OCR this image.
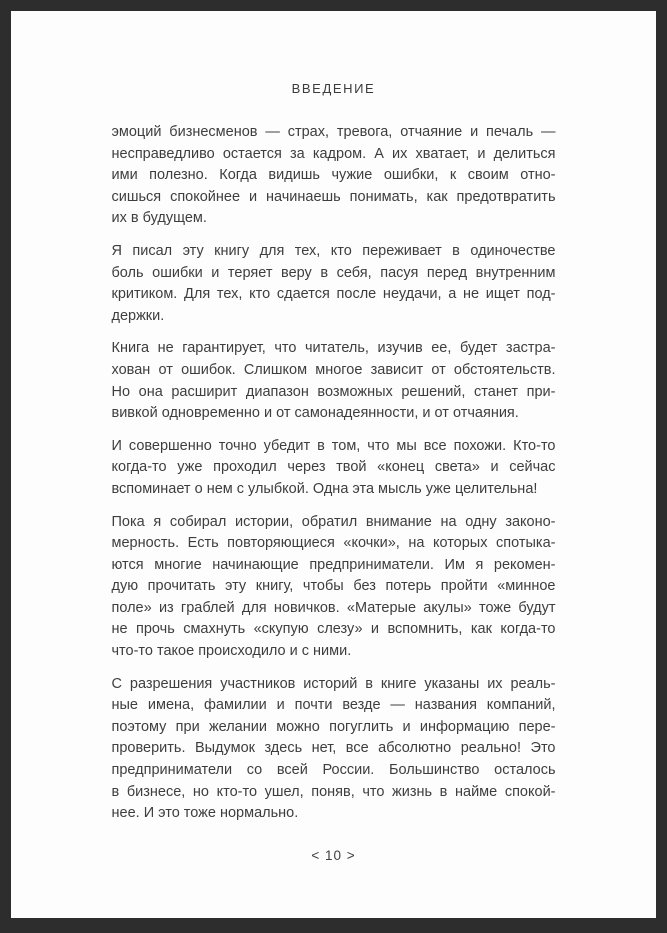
ВВЕДЕНИЕ

эмоций бизнесменов — страх, тревога, отчаяние и печаль —
несправедливо остается за кадром. А их хватает, и делиться
ими полезно. Когда видишь чужие ошибки, к своим отно-
сишься спокойнее и начинаешь понимать, как предотвратить
их в будущем.

Я писал эту книгу для тех, кто переживает в одиночестве
боль ошибки и теряет веру в себя, пасуя перед внутренним
критиком. Для тех, кто сдается после неудачи, а не ищет под-
держки.

Книга не гарантирует, что читатель, изучив ее, будет застра-
хован от ошибок. Слишком многое зависит от обстоятельств.
Но она расширит диапазон возможных решений, станет при-
вивкой одновременно и от самонадеянности, и от отчаяния.

И совершенно точно убедит в том, что мы все похожи. Кто-то
когда-то уже проходил через твой «конец света» и сейчас
вспоминает о нем с улыбкой. Одна эта мысль уже целительна!

Пока я собирал истории, обратил внимание на одну законо-
мерность. Есть повторяющиеся «кочки», на которых спотыка-
ются многие начинающие предприниматели. Им я рекомен-
дую прочитать эту книгу, чтобы без потерь пройти «минное
поле» из граблей для новичков. «Матерые акулы» тоже будут
не прочь смахнуть «скупую слезу» и вспомнить, как когда-то
что-то такое происходило и с ними.

С разрешения участников историй в книге указаны их реаль-
ные имена, фамилии и почти везде — названия компаний,
поэтому при желании можно погуглить и информацию пере-
проверить. Выдумок здесь нет, все абсолютно реально! Это
предприниматели со всей России. Большинство осталось
в бизнесе, но кто-то ушел, поняв, что жизнь в найме спокой-
нее. И это тоже нормально.

< 10 >
